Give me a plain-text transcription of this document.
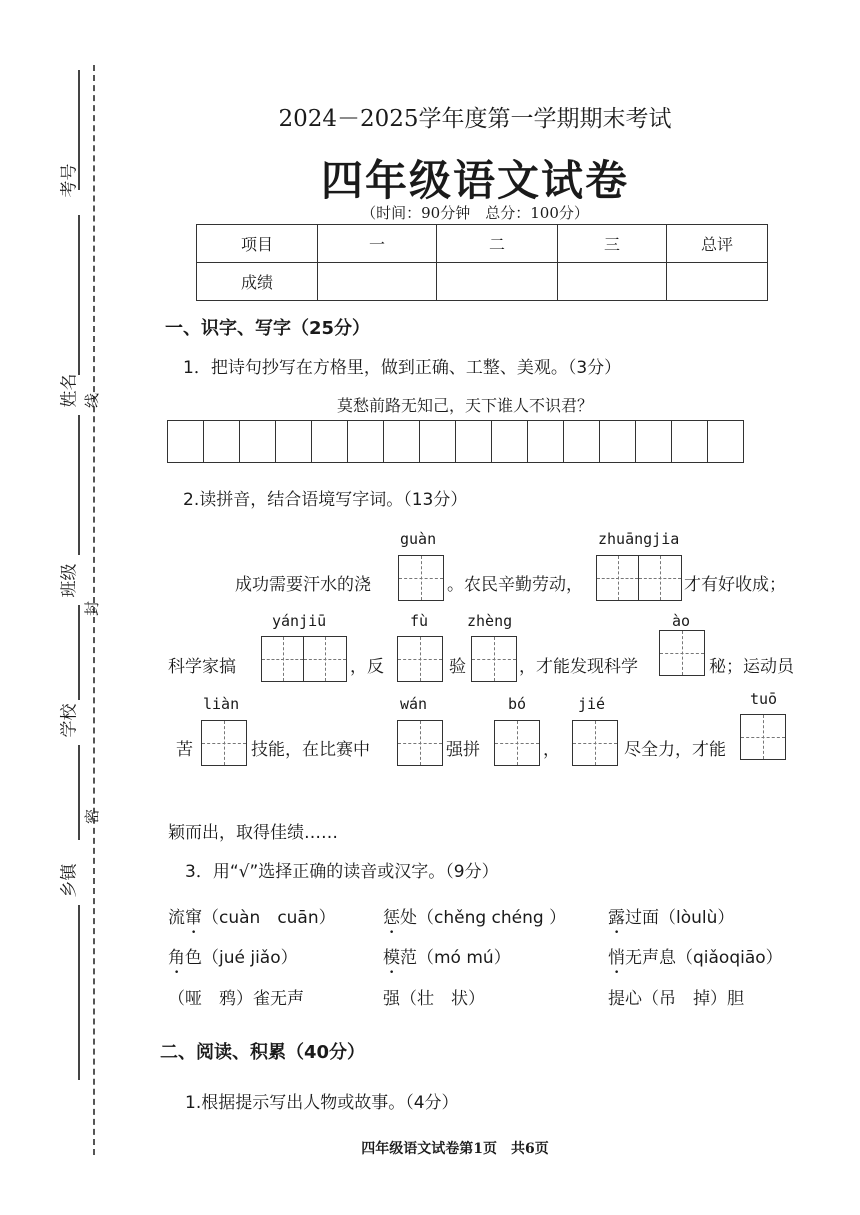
考号
姓名
班级
学校
乡镇
线
封
密
2024－2025学年度第一学期期末考试
四年级语文试卷
（时间：90分钟　总分：100分）
项目	一	二	三	总评
成绩				
一、识字、写字（25分）
1．把诗句抄写在方格里，做到正确、工整、美观。（3分）
莫愁前路无知己，天下谁人不识君？
2.读拼音，结合语境写字词。（13分）
guàn	zhuāngjia
成功需要汗水的浇	。农民辛勤劳动，	才有好收成；
yánjiū	fù	zhèng	ào
科学家搞	，反	验	，才能发现科学	秘；运动员
liàn	wán	bó	jié	tuō
苦	技能，在比赛中	强拼	，	尽全力，才能
颖而出，取得佳绩……
3．用“√”选择正确的读音或汉字。（9分）
流窜（cuàn　cuān）	惩处（chěng chéng ） 露过面（lòulù）
角色（jué jiǎo）	模范（mó mú）	悄无声息（qiǎoqiāo）
（哑　鸦）雀无声	强（壮　状）	提心（吊　掉）胆
二、阅读、积累（40分）
1.根据提示写出人物或故事。（4分）
四年级语文试卷第1页　共6页
